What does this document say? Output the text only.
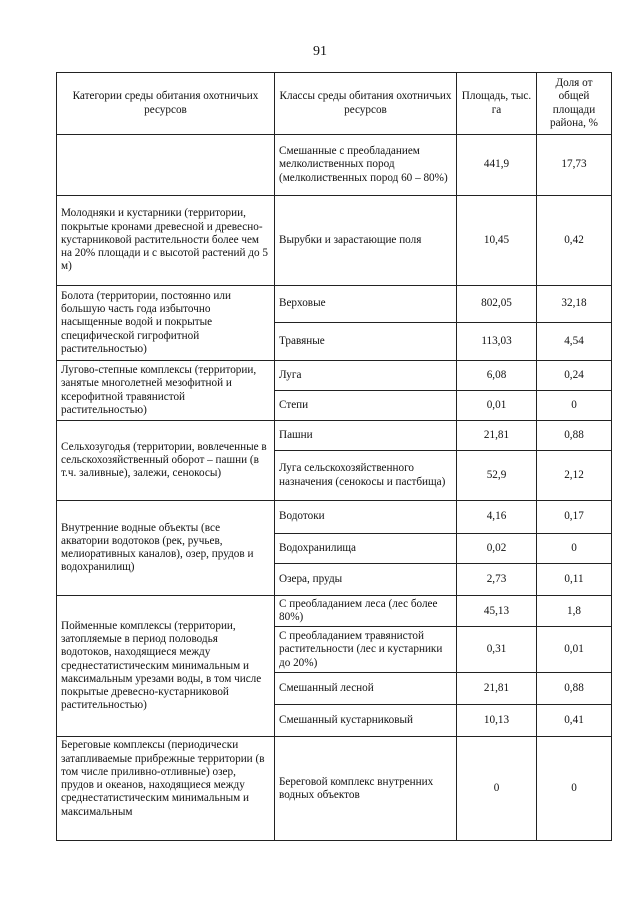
91
Категории среды обитания охотничьих ресурсов	Классы среды обитания охотничьих ресурсов	Площадь, тыс. га	Доля от общей площади района, %
	Смешанные с преобладанием мелколиственных пород (мелколиственных пород 60 – 80%)	441,9	17,73
Молодняки и кустарники (территории, покрытые кронами древесной и древесно-кустарниковой растительности более чем на 20% площади и с высотой растений до 5 м)	Вырубки и зарастающие поля	10,45	0,42
Болота (территории, постоянно или большую часть года избыточно насыщенные водой и покрытые специфической гигрофитной растительностью)	Верховые	802,05	32,18
	Травяные	113,03	4,54
Лугово-степные комплексы (территории, занятые многолетней мезофитной и ксерофитной травянистой растительностью)	Луга	6,08	0,24
	Степи	0,01	0
Сельхозугодья (территории, вовлеченные в сельскохозяйственный оборот – пашни (в т.ч. заливные), залежи, сенокосы)	Пашни	21,81	0,88
	Луга сельскохозяйственного назначения (сенокосы и пастбища)	52,9	2,12
Внутренние водные объекты (все акватории водотоков (рек, ручьев, мелиоративных каналов), озер, прудов и водохранилищ)	Водотоки	4,16	0,17
	Водохранилища	0,02	0
	Озера, пруды	2,73	0,11
Пойменные комплексы (территории, затопляемые в период половодья водотоков, находящиеся между среднестатистическим минимальным и максимальным урезами воды, в том числе покрытые древесно-кустарниковой растительностью)	С преобладанием леса (лес более 80%)	45,13	1,8
	С преобладанием травянистой растительности (лес и кустарники до 20%)	0,31	0,01
	Смешанный лесной	21,81	0,88
	Смешанный кустарниковый	10,13	0,41
Береговые комплексы (периодически затапливаемые прибрежные территории (в том числе приливно-отливные) озер, прудов и океанов, находящиеся между среднестатистическим минимальным и максимальным	Береговой комплекс внутренних водных объектов	0	0
